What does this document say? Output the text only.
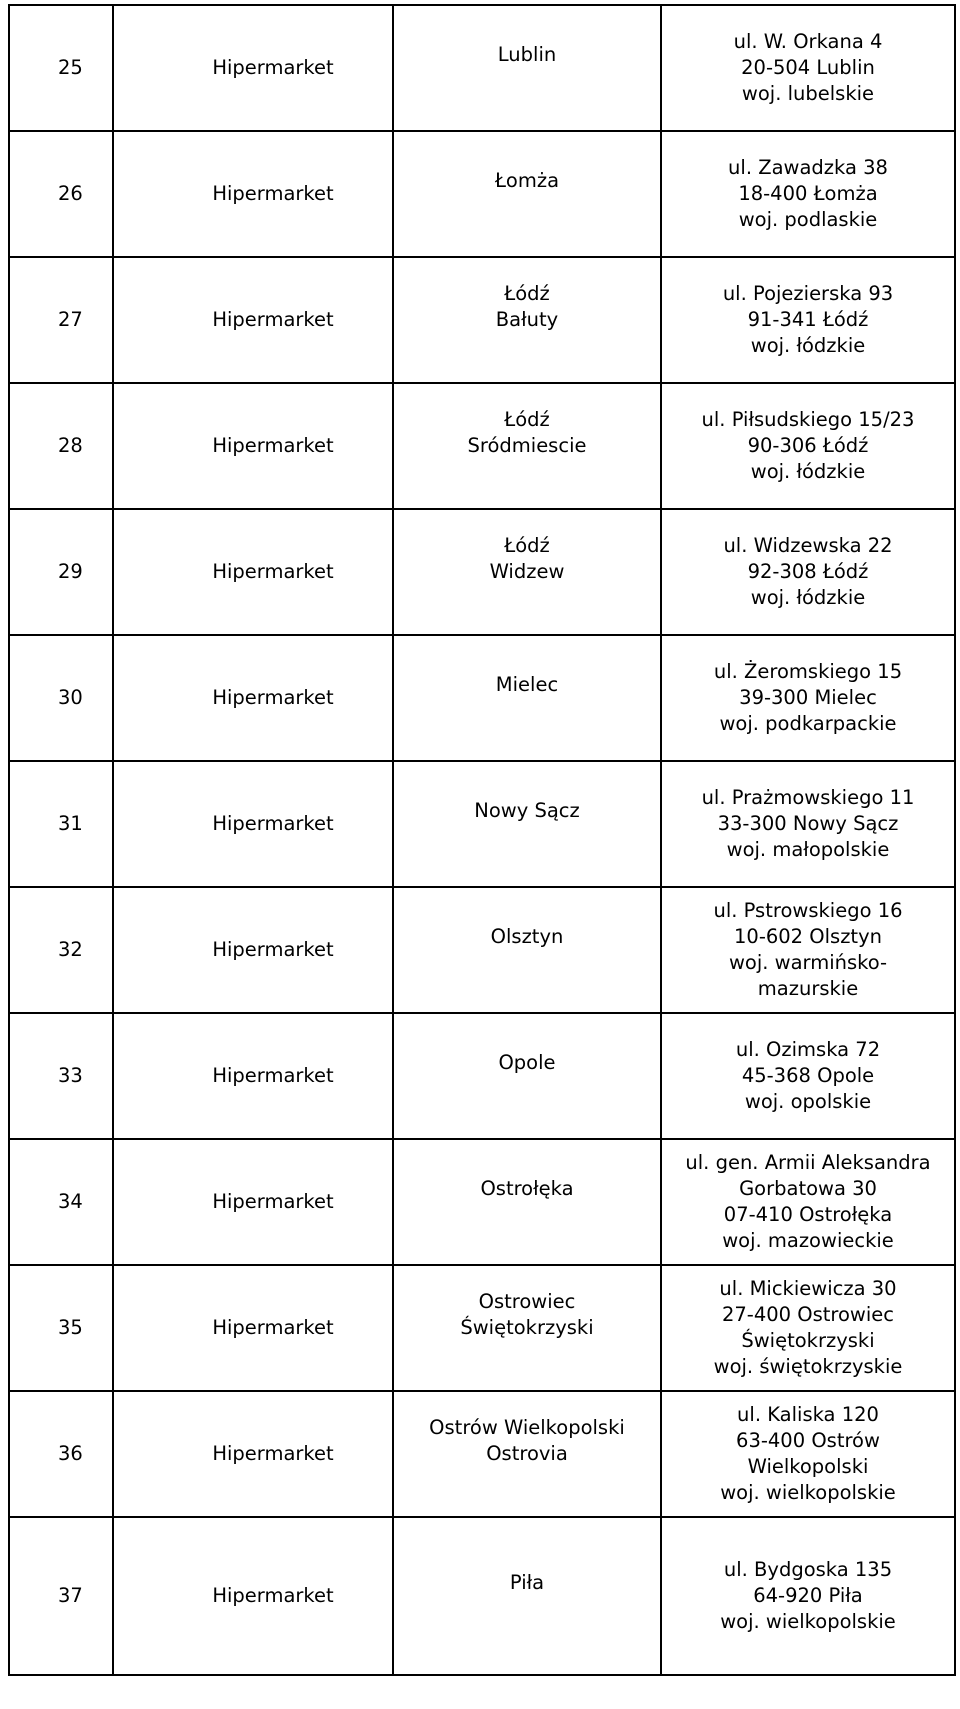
25	Hipermarket	Lublin	ul. W. Orkana 4
20-504 Lublin
woj. lubelskie

26	Hipermarket	Łomża	ul. Zawadzka 38
18-400 Łomża
woj. podlaskie

27	Hipermarket	Łódź
Bałuty	ul. Pojezierska 93
91-341 Łódź
woj. łódzkie

28	Hipermarket	Łódź
Sródmiescie	ul. Piłsudskiego 15/23
90-306 Łódź
woj. łódzkie

29	Hipermarket	Łódź
Widzew	ul. Widzewska 22
92-308 Łódź
woj. łódzkie

30	Hipermarket	Mielec	ul. Żeromskiego 15
39-300 Mielec
woj. podkarpackie

31	Hipermarket	Nowy Sącz	ul. Prażmowskiego 11
33-300 Nowy Sącz
woj. małopolskie

32	Hipermarket	Olsztyn	ul. Pstrowskiego 16
10-602 Olsztyn
woj. warmińsko-
mazurskie

33	Hipermarket	Opole	ul. Ozimska 72
45-368 Opole
woj. opolskie

34	Hipermarket	Ostrołęka	ul. gen. Armii Aleksandra
Gorbatowa 30
07-410 Ostrołęka
woj. mazowieckie

35	Hipermarket	Ostrowiec
Świętokrzyski	ul. Mickiewicza 30
27-400 Ostrowiec
Świętokrzyski
woj. świętokrzyskie

36	Hipermarket	Ostrów Wielkopolski
Ostrovia	ul. Kaliska 120
63-400 Ostrów
Wielkopolski
woj. wielkopolskie

37	Hipermarket	Piła	ul. Bydgoska 135
64-920 Piła
woj. wielkopolskie
